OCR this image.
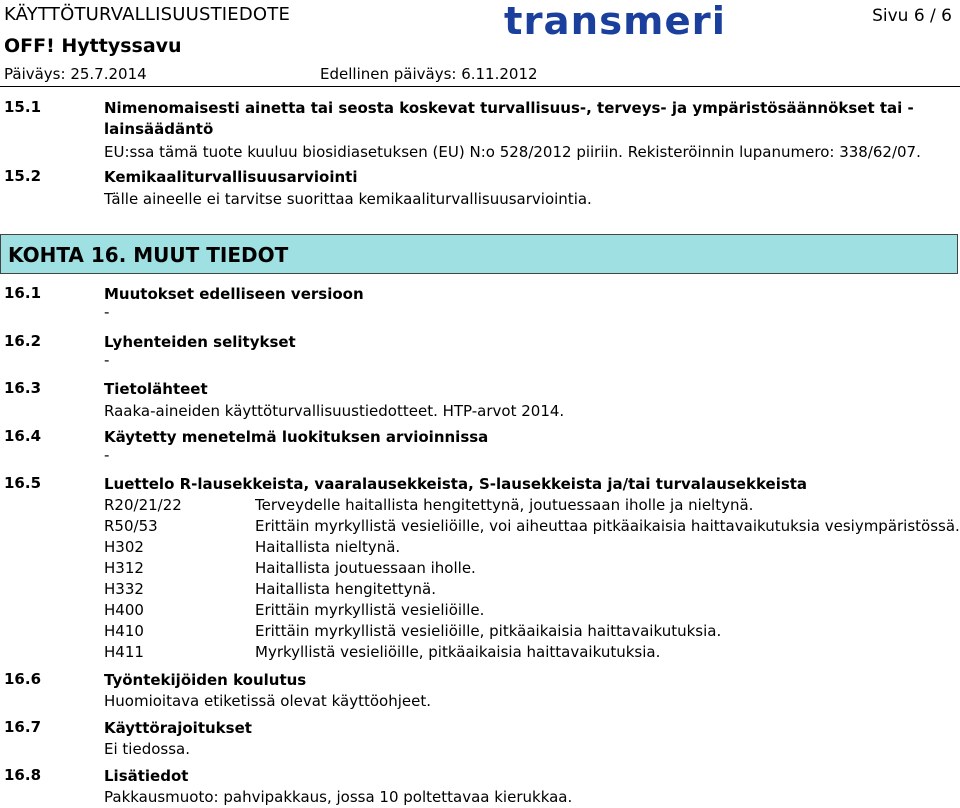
KÄYTTÖTURVALLISUUSTIEDOTE
OFF! Hyttyssavu
Päiväys: 25.7.2014	Edellinen päiväys: 6.11.2012
transmeri	Sivu 6 / 6
15.1	Nimenomaisesti ainetta tai seosta koskevat turvallisuus-, terveys- ja ympäristösäännökset tai - lainsäädäntö
EU:ssa tämä tuote kuuluu biosidiasetuksen (EU) N:o 528/2012 piiriin. Rekisteröinnin lupanumero: 338/62/07.
15.2	Kemikaaliturvallisuusarviointi
Tälle aineelle ei tarvitse suorittaa kemikaaliturvallisuusarviointia.
KOHTA 16. MUUT TIEDOT
16.1	Muutokset edelliseen versioon
-
16.2	Lyhenteiden selitykset
-
16.3	Tietolähteet
Raaka-aineiden käyttöturvallisuustiedotteet. HTP-arvot 2014.
16.4	Käytetty menetelmä luokituksen arvioinnissa
-
16.5	Luettelo R-lausekkeista, vaaralausekkeista, S-lausekkeista ja/tai turvalausekkeista
R20/21/22	Terveydelle haitallista hengitettynä, joutuessaan iholle ja nieltynä.
R50/53	Erittäin myrkyllistä vesieliöille, voi aiheuttaa pitkäaikaisia haittavaikutuksia vesiympäristössä.
H302	Haitallista nieltynä.
H312	Haitallista joutuessaan iholle.
H332	Haitallista hengitettynä.
H400	Erittäin myrkyllistä vesieliöille.
H410	Erittäin myrkyllistä vesieliöille, pitkäaikaisia haittavaikutuksia.
H411	Myrkyllistä vesieliöille, pitkäaikaisia haittavaikutuksia.
16.6	Työntekijöiden koulutus
Huomioitava etiketissä olevat käyttöohjeet.
16.7	Käyttörajoitukset
Ei tiedossa.
16.8	Lisätiedot
Pakkausmuoto: pahvipakkaus, jossa 10 poltettavaa kierukkaa.
